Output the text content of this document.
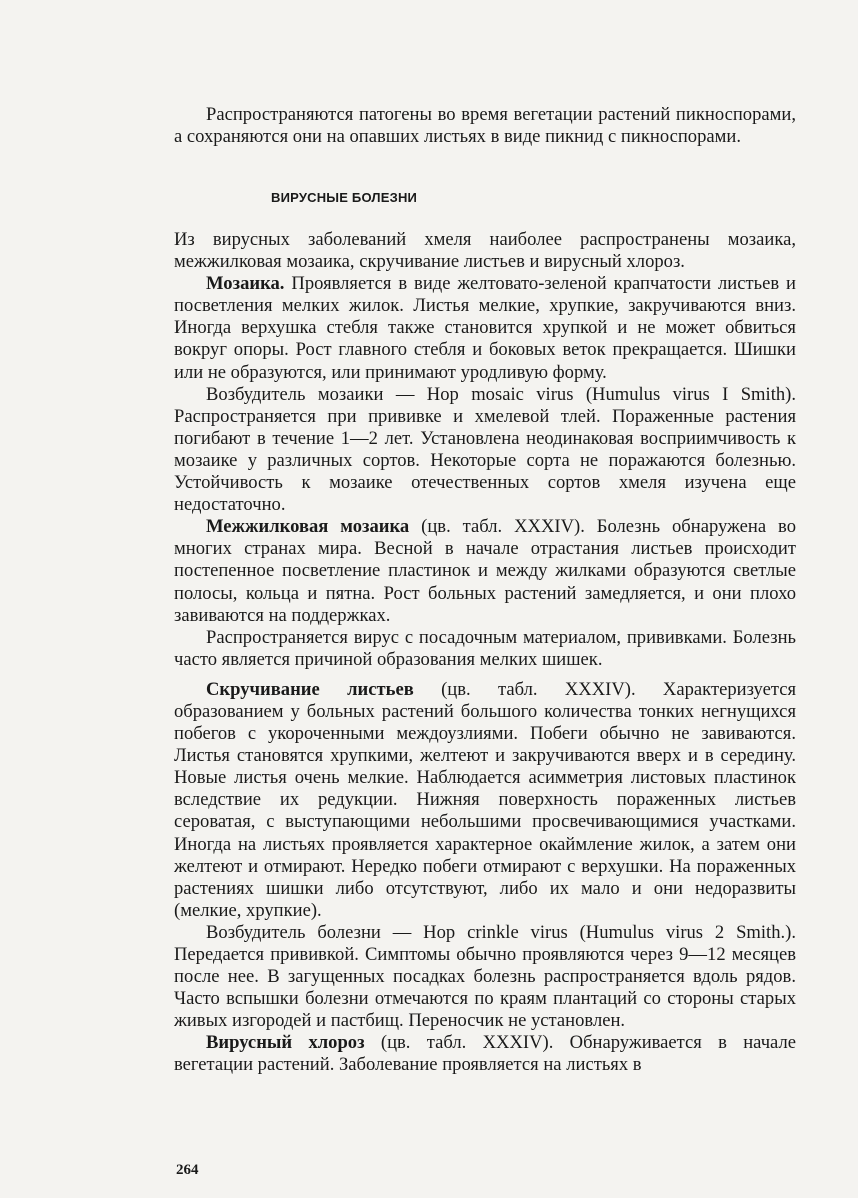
Распространяются патогены во время вегетации растений пикноспорами, а сохраняются они на опавших листьях в виде пикнид с пикноспорами.

ВИРУСНЫЕ БОЛЕЗНИ

Из вирусных заболеваний хмеля наиболее распространены мозаика, межжилковая мозаика, скручивание листьев и вирусный хлороз.

Мозаика. Проявляется в виде желтовато-зеленой крапчатости листьев и посветления мелких жилок. Листья мелкие, хрупкие, закручиваются вниз. Иногда верхушка стебля также становится хрупкой и не может обвиться вокруг опоры. Рост главного стебля и боковых веток прекращается. Шишки или не образуются, или принимают уродливую форму.

Возбудитель мозаики — Hop mosaic virus (Humulus virus I Smith). Распространяется при прививке и хмелевой тлей. Пораженные растения погибают в течение 1—2 лет. Установлена неодинаковая восприимчивость к мозаике у различных сортов. Некоторые сорта не поражаются болезнью. Устойчивость к мозаике отечественных сортов хмеля изучена еще недостаточно.

Межжилковая мозаика (цв. табл. XXXIV). Болезнь обнаружена во многих странах мира. Весной в начале отрастания листьев происходит постепенное посветление пластинок и между жилками образуются светлые полосы, кольца и пятна. Рост больных растений замедляется, и они плохо завиваются на поддержках.

Распространяется вирус с посадочным материалом, прививками. Болезнь часто является причиной образования мелких шишек.

Скручивание листьев (цв. табл. XXXIV). Характеризуется образованием у больных растений большого количества тонких негнущихся побегов с укороченными междоузлиями. Побеги обычно не завиваются. Листья становятся хрупкими, желтеют и закручиваются вверх и в середину. Новые листья очень мелкие. Наблюдается асимметрия листовых пластинок вследствие их редукции. Нижняя поверхность пораженных листьев сероватая, с выступающими небольшими просвечивающимися участками. Иногда на листьях проявляется характерное окаймление жилок, а затем они желтеют и отмирают. Нередко побеги отмирают с верхушки. На пораженных растениях шишки либо отсутствуют, либо их мало и они недоразвиты (мелкие, хрупкие).

Возбудитель болезни — Hop crinkle virus (Humulus virus 2 Smith.). Передается прививкой. Симптомы обычно проявляются через 9—12 месяцев после нее. В загущенных посадках болезнь распространяется вдоль рядов. Часто вспышки болезни отмечаются по краям плантаций со стороны старых живых изгородей и пастбищ. Переносчик не установлен.

Вирусный хлороз (цв. табл. XXXIV). Обнаруживается в начале вегетации растений. Заболевание проявляется на листьях в

264
